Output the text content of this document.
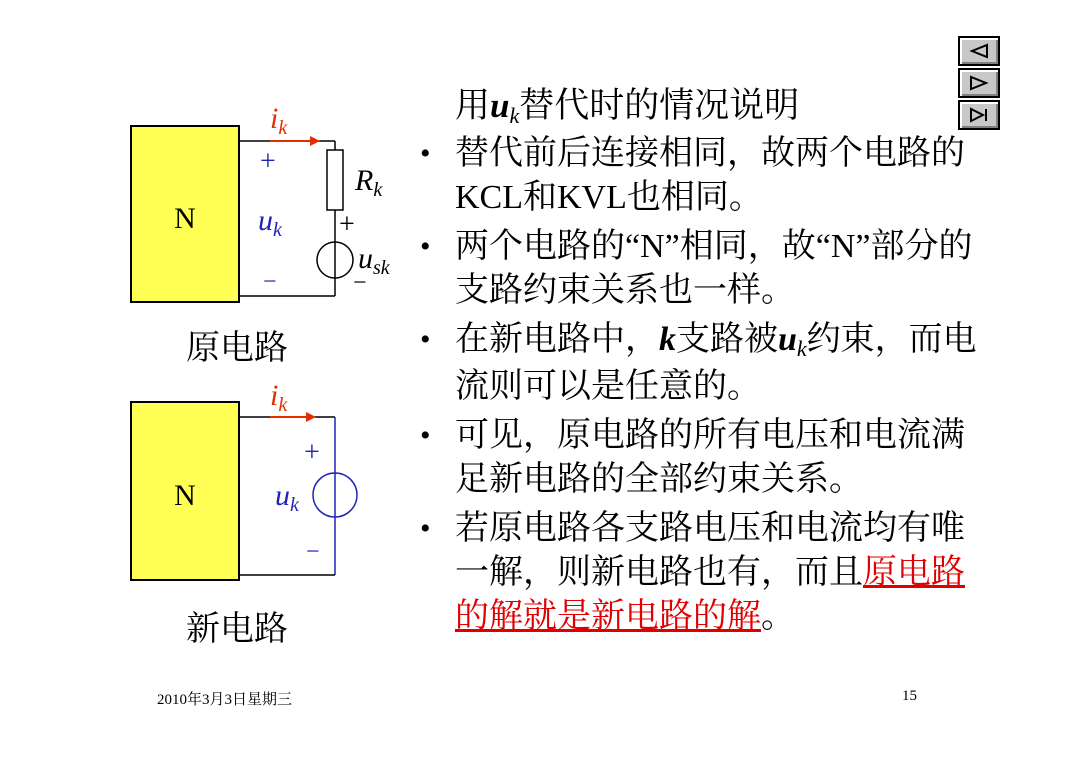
用uk替代时的情况说明
• 替代前后连接相同，故两个电路的KCL和KVL也相同。
• 两个电路的“N”相同，故“N”部分的支路约束关系也一样。
• 在新电路中，k支路被uk约束，而电流则可以是任意的。
• 可见，原电路的所有电压和电流满足新电路的全部约束关系。
• 若原电路各支路电压和电流均有唯一解，则新电路也有，而且原电路的解就是新电路的解。
N
$i_k$
$R_k$
+
$u_{sk}$
−
+
$u_k$
−
原电路
N
$i_k$
+
$u_k$
−
新电路
2010年3月3日星期三	15
